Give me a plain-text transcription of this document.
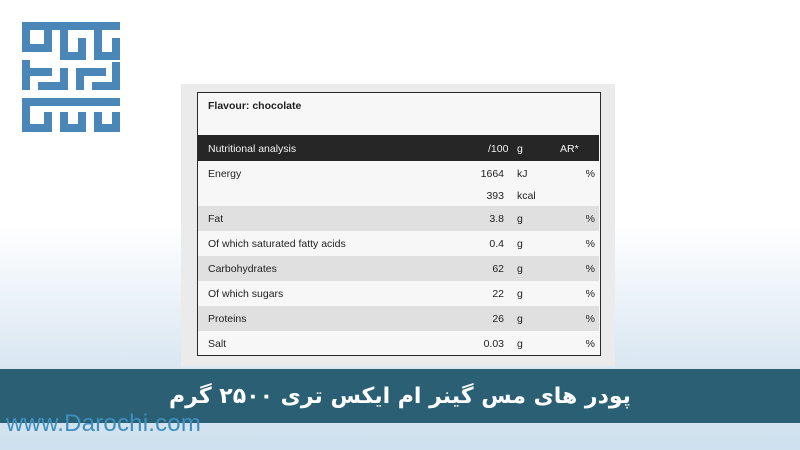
Flavour: chocolate
Nutritional analysis	/100 g	AR*
Energy	1664 kJ	%
393 kcal
Fat	3.8 g	%
Of which saturated fatty acids	0.4 g	%
Carbohydrates	62 g	%
Of which sugars	22 g	%
Proteins	26 g	%
Salt	0.03 g	%
پودر های مس گینر ام ایکس تری ۲۵۰۰ گرم
www.Darochi.com
